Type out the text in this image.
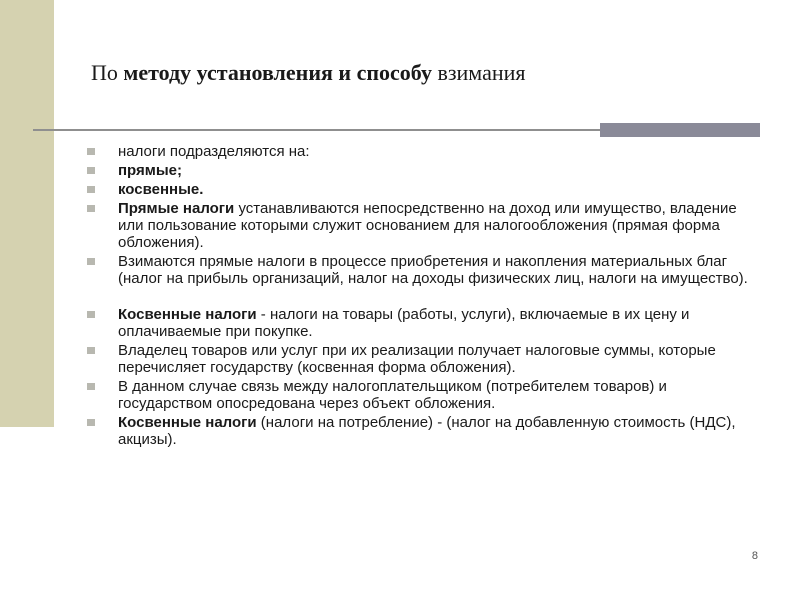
По методу установления и способу взимания
налоги подразделяются на:
прямые;
косвенные.
Прямые налоги устанавливаются непосредственно на доход или имущество, владение или пользование которыми служит основанием для налогообложения (прямая форма обложения).
Взимаются прямые налоги в процессе приобретения и накопления материальных благ (налог на прибыль организаций, налог на доходы физических лиц, налоги на имущество).
Косвенные налоги - налоги на товары (работы, услуги), включаемые в их цену и оплачиваемые при покупке.
Владелец товаров или услуг при их реализации получает налоговые суммы, которые перечисляет государству (косвенная форма обложения).
В данном случае связь между налогоплательщиком (потребителем товаров) и государством опосредована через объект обложения.
Косвенные налоги (налоги на потребление) - (налог на добавленную стоимость (НДС), акцизы).
8
